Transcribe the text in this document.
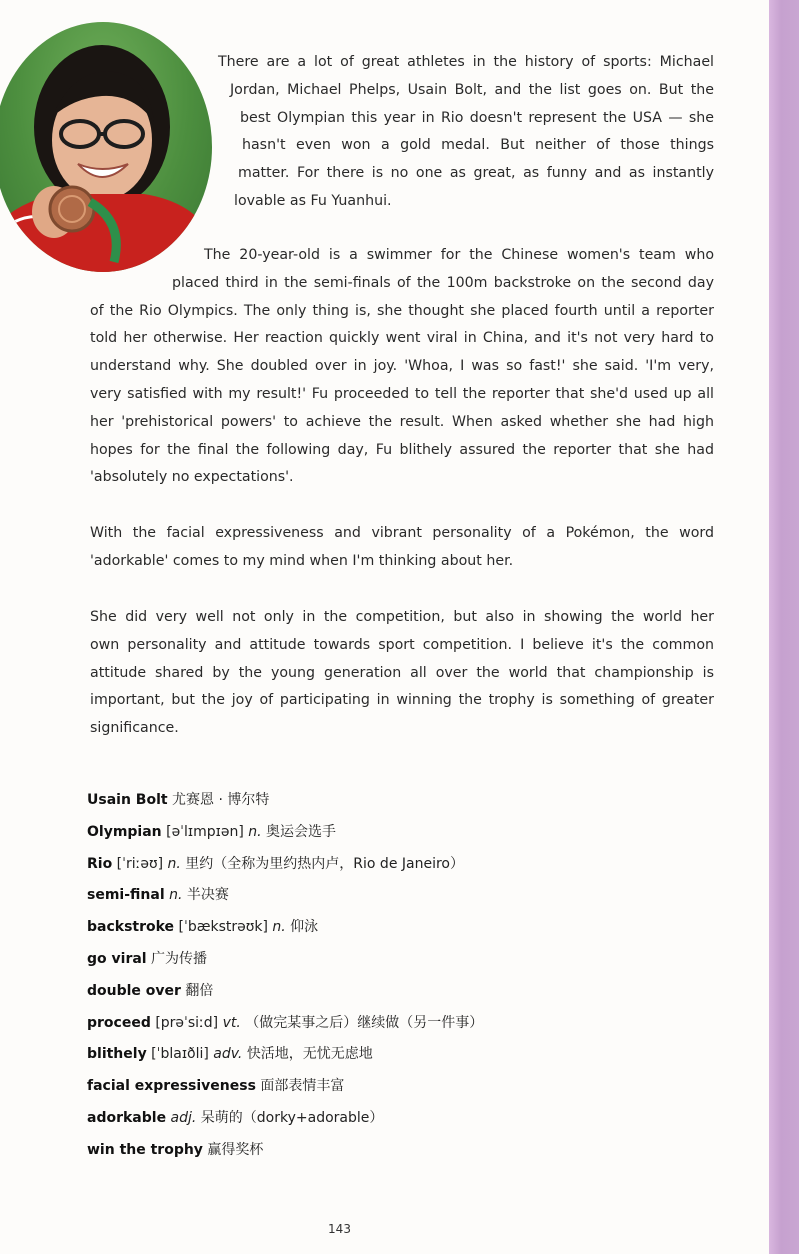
There are a lot of great athletes in the history of sports: Michael
Jordan, Michael Phelps, Usain Bolt, and the list goes on. But the
best Olympian this year in Rio doesn't represent the USA — she
hasn't even won a gold medal. But neither of those things
matter. For there is no one as great, as funny and as instantly
lovable as Fu Yuanhui.

The 20-year-old is a swimmer for the Chinese women's team who
placed third in the semi-finals of the 100m backstroke on the second day
of the Rio Olympics. The only thing is, she thought she placed fourth until a reporter
told her otherwise. Her reaction quickly went viral in China, and it's not very hard to
understand why. She doubled over in joy. 'Whoa, I was so fast!' she said. 'I'm very,
very satisfied with my result!' Fu proceeded to tell the reporter that she'd used up all
her 'prehistorical powers' to achieve the result. When asked whether she had high
hopes for the final the following day, Fu blithely assured the reporter that she had
'absolutely no expectations'.

With the facial expressiveness and vibrant personality of a Pokémon, the word
'adorkable' comes to my mind when I'm thinking about her.

She did very well not only in the competition, but also in showing the world her
own personality and attitude towards sport competition. I believe it's the common
attitude shared by the young generation all over the world that championship is
important, but the joy of participating in winning the trophy is something of greater
significance.

Usain Bolt 尤赛恩 · 博尔特
Olympian [əˈlɪmpɪən] n. 奥运会选手
Rio [ˈriːəʊ] n. 里约（全称为里约热内卢，Rio de Janeiro）
semi-final n. 半决赛
backstroke [ˈbækstrəʊk] n. 仰泳
go viral 广为传播
double over 翻倍
proceed [prəˈsiːd] vt. （做完某事之后）继续做（另一件事）
blithely [ˈblaɪðli] adv. 快活地，无忧无虑地
facial expressiveness 面部表情丰富
adorkable adj. 呆萌的（dorky+adorable）
win the trophy 赢得奖杯
143
